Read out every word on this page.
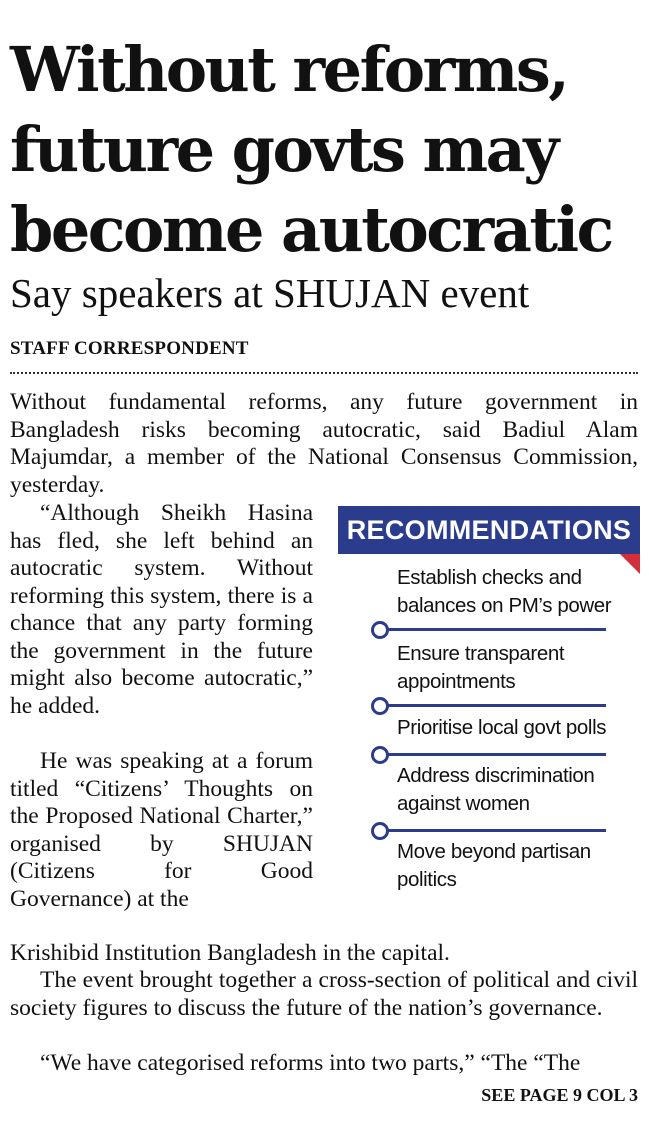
Without reforms,
future govts may
become autocratic
Say speakers at SHUJAN event
STAFF CORRESPONDENT

Without fundamental reforms, any future government in Bangladesh risks becoming autocratic, said Badiul Alam Majumdar, a member of the National Consensus Commission, yesterday.

“Although Sheikh Hasina has fled, she left behind an autocratic system. Without reforming this system, there is a chance that any party forming the government in the future might also become autocratic,” he added.

He was speaking at a forum titled “Citizens’ Thoughts on the Proposed National Charter,” organised by SHUJAN (Citizens for Good Governance) at the

Krishibid Institution Bangladesh in the capital.

The event brought together a cross-section of political and civil society figures to discuss the future of the nation’s governance.

“We have categorised reforms into two parts,” “The “The

RECOMMENDATIONS
Establish checks and balances on PM’s power
Ensure transparent appointments
Prioritise local govt polls
Address discrimination against women
Move beyond partisan politics
SEE PAGE 9 COL 3
